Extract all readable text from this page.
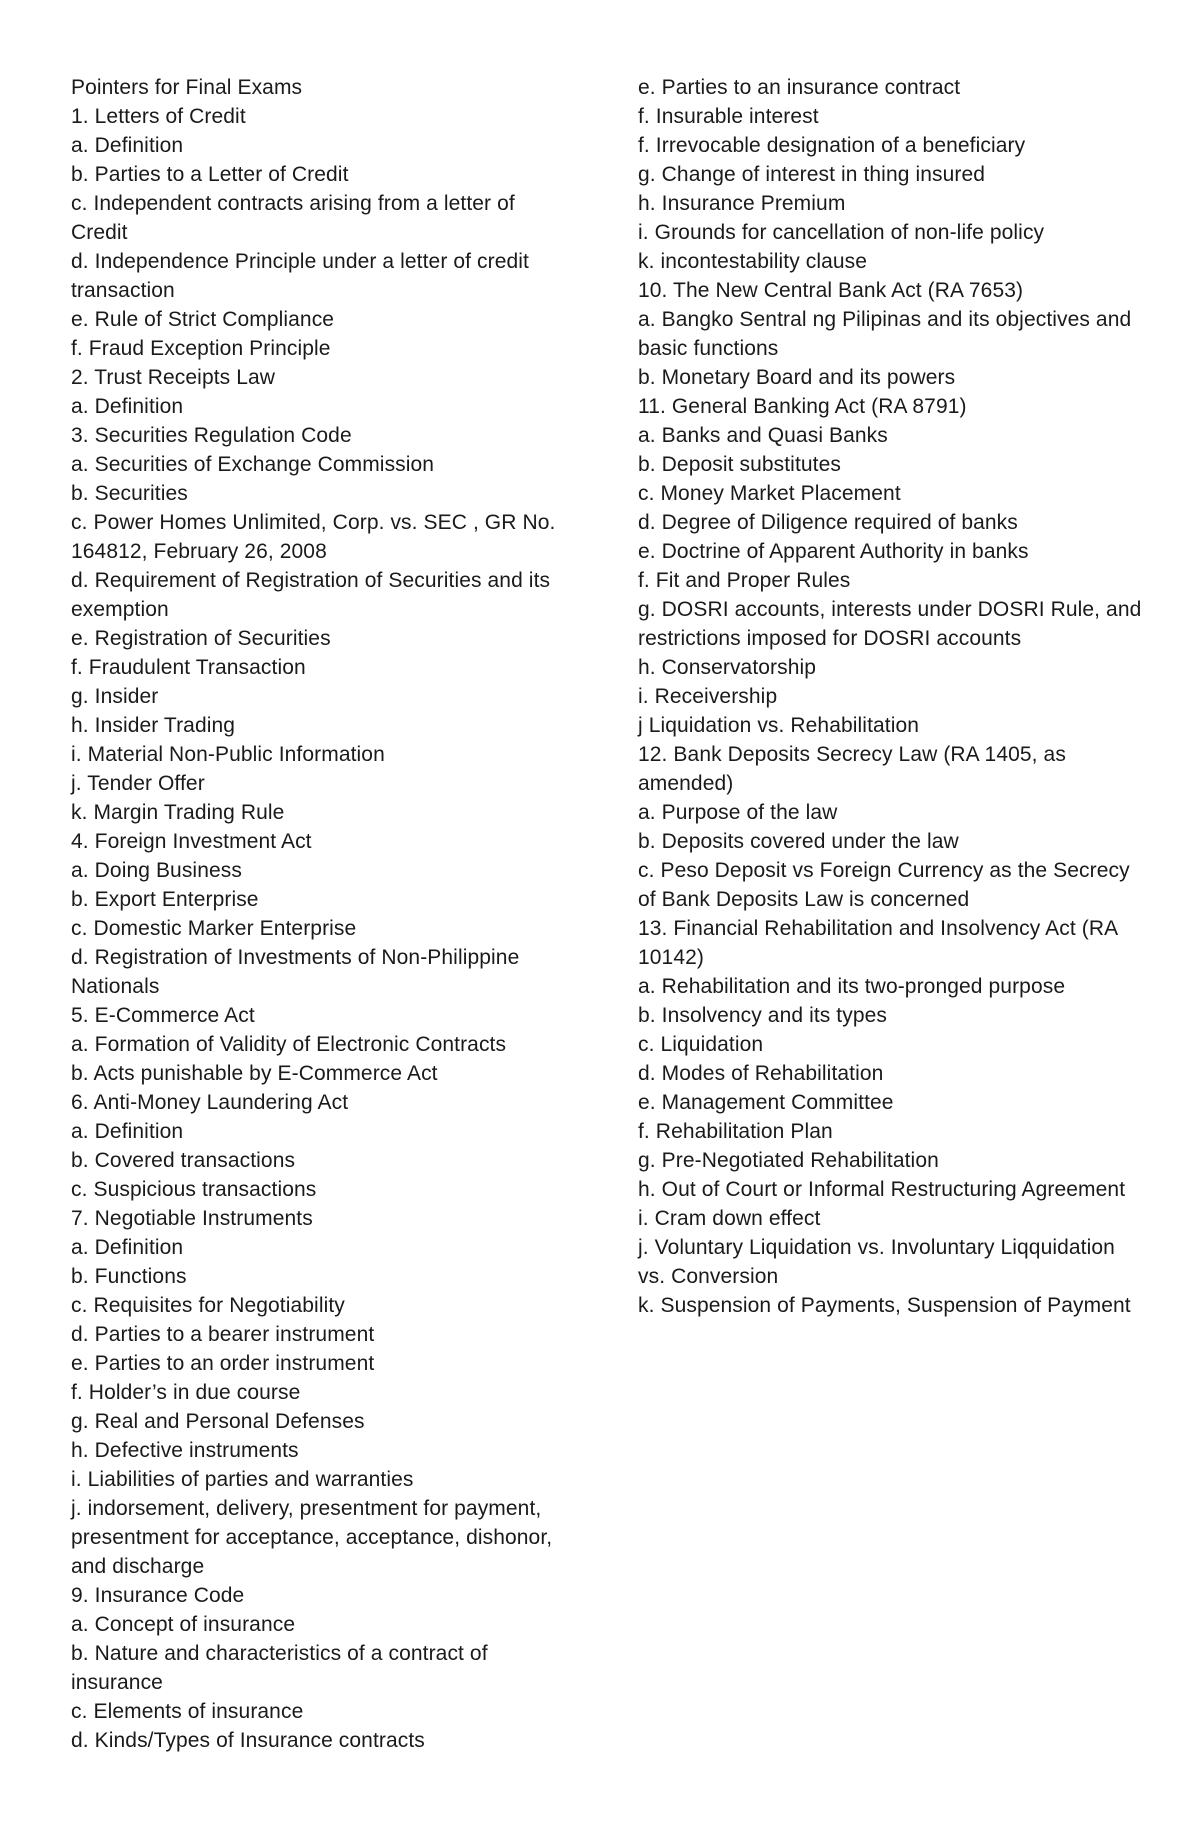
Pointers for Final Exams
1. Letters of Credit
a. Definition
b. Parties to a Letter of Credit
c. Independent contracts arising from a letter of Credit
d. Independence Principle under a letter of credit transaction
e. Rule of Strict Compliance
f. Fraud Exception Principle
2. Trust Receipts Law
a. Definition
3. Securities Regulation Code
a. Securities of Exchange Commission
b. Securities
c. Power Homes Unlimited, Corp. vs. SEC , GR No. 164812, February 26, 2008
d. Requirement of Registration of Securities and its exemption
e. Registration of Securities
f. Fraudulent Transaction
g. Insider
h. Insider Trading
i. Material Non-Public Information
j. Tender Offer
k. Margin Trading Rule
4. Foreign Investment Act
a. Doing Business
b. Export Enterprise
c. Domestic Marker Enterprise
d. Registration of Investments of Non-Philippine Nationals
5. E-Commerce Act
a. Formation of Validity of Electronic Contracts
b. Acts punishable by E-Commerce Act
6. Anti-Money Laundering Act
a. Definition
b. Covered transactions
c. Suspicious transactions
7. Negotiable Instruments
a. Definition
b. Functions
c. Requisites for Negotiability
d. Parties to a bearer instrument
e. Parties to an order instrument
f. Holder’s in due course
g. Real and Personal Defenses
h. Defective instruments
i. Liabilities of parties and warranties
j. indorsement, delivery, presentment for payment, presentment for acceptance, acceptance, dishonor, and discharge
9. Insurance Code
a. Concept of insurance
b. Nature and characteristics of a contract of insurance
c. Elements of insurance
d. Kinds/Types of Insurance contracts
e. Parties to an insurance contract
f. Insurable interest
f. Irrevocable designation of a beneficiary
g. Change of interest in thing insured
h. Insurance Premium
i. Grounds for cancellation of non-life policy
k. incontestability clause
10. The New Central Bank Act (RA 7653)
a. Bangko Sentral ng Pilipinas and its objectives and basic functions
b. Monetary Board and its powers
11. General Banking Act (RA 8791)
a. Banks and Quasi Banks
b. Deposit substitutes
c. Money Market Placement
d. Degree of Diligence required of banks
e. Doctrine of Apparent Authority in banks
f. Fit and Proper Rules
g. DOSRI accounts, interests under DOSRI Rule, and restrictions imposed for DOSRI accounts
h. Conservatorship
i. Receivership
j Liquidation vs. Rehabilitation
12. Bank Deposits Secrecy Law (RA 1405, as amended)
a. Purpose of the law
b. Deposits covered under the law
c. Peso Deposit vs Foreign Currency as the Secrecy of Bank Deposits Law is concerned
13. Financial Rehabilitation and Insolvency Act (RA 10142)
a. Rehabilitation and its two-pronged purpose
b. Insolvency and its types
c. Liquidation
d. Modes of Rehabilitation
e. Management Committee
f. Rehabilitation Plan
g. Pre-Negotiated Rehabilitation
h. Out of Court or Informal Restructuring Agreement
i. Cram down effect
j. Voluntary Liquidation vs. Involuntary Liqquidation vs. Conversion
k. Suspension of Payments, Suspension of Payment
